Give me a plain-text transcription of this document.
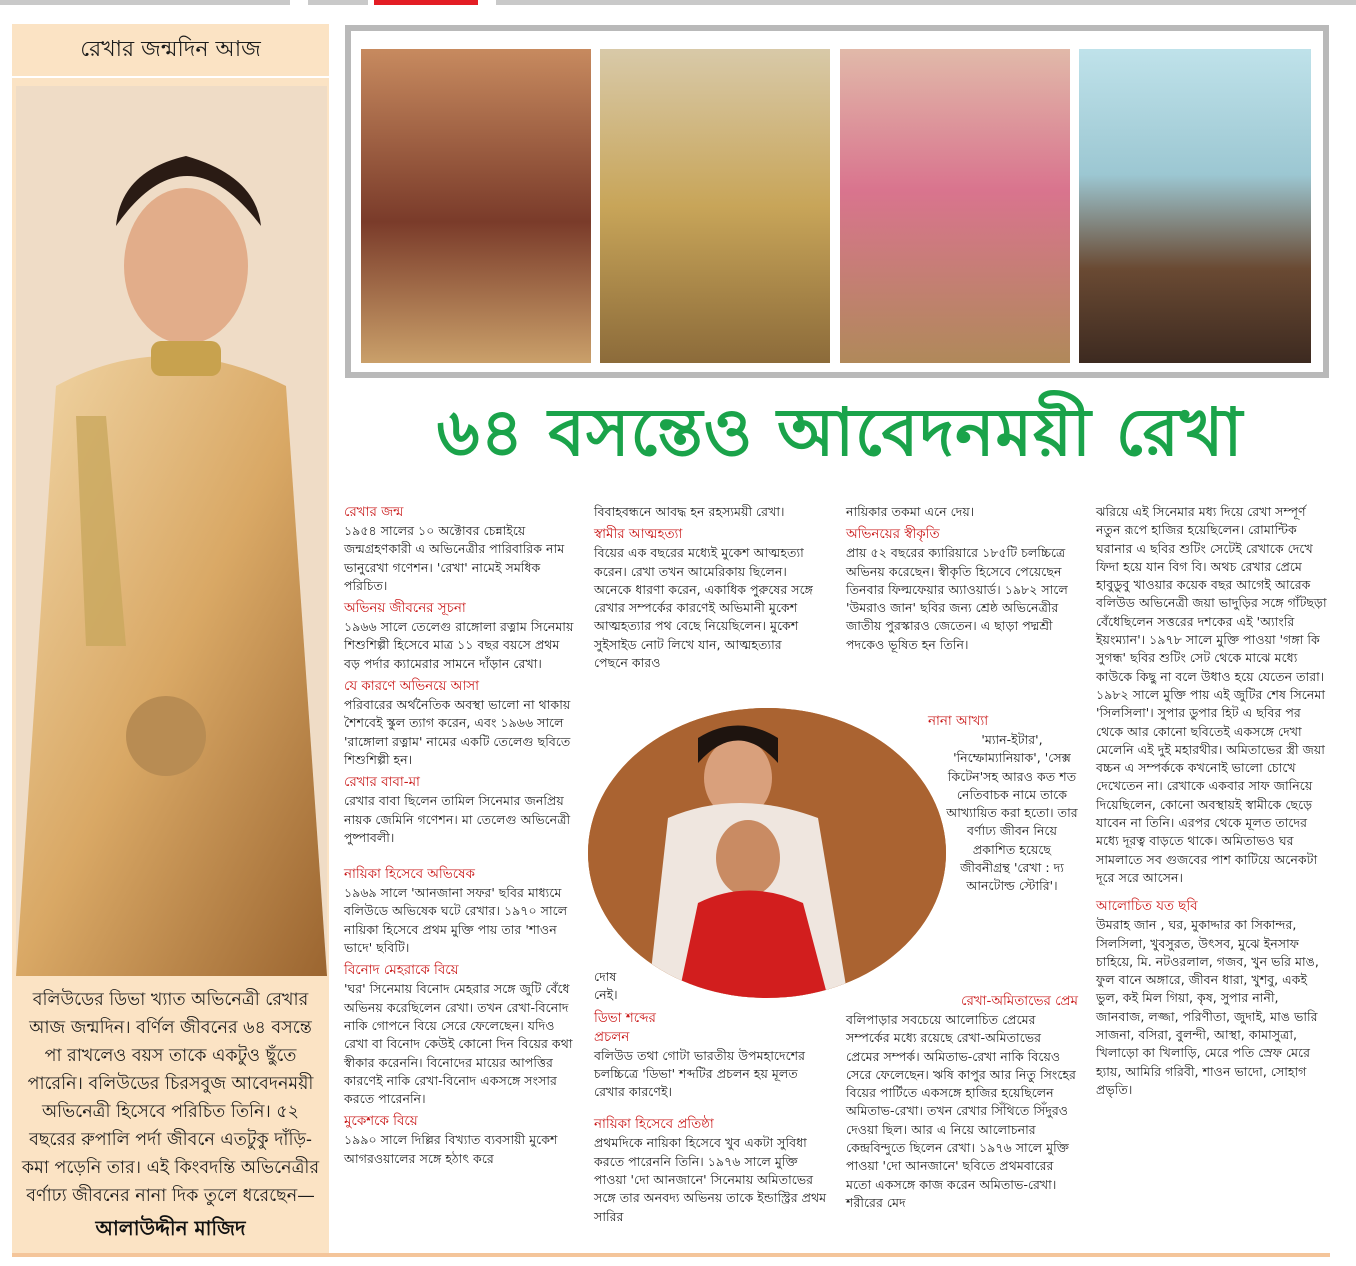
রেখার জন্মদিন আজ

বলিউডের ডিভা খ্যাত অভিনেত্রী রেখার আজ জন্মদিন। বর্ণিল জীবনের ৬৪ বসন্তে পা রাখলেও বয়স তাকে একটুও ছুঁতে পারেনি। বলিউডের চিরসবুজ আবেদনময়ী অভিনেত্রী হিসেবে পরিচিত তিনি। ৫২ বছরের রুপালি পর্দা জীবনে এতটুকু দাঁড়ি-কমা পড়েনি তার। এই কিংবদন্তি অভিনেত্রীর বর্ণাঢ্য জীবনের নানা দিক তুলে ধরেছেন—

আলাউদ্দীন মাজিদ
৬৪ বসন্তেও আবেদনময়ী রেখা
রেখার জন্ম

১৯৫৪ সালের ১০ অক্টোবর চেন্নাইয়ে জন্মগ্রহণকারী এ অভিনেত্রীর পারিবারিক নাম ভানুরেখা গণেশন। 'রেখা' নামেই সমধিক পরিচিত।

অভিনয় জীবনের সূচনা

১৯৬৬ সালে তেলেগু রাঙ্গোলা রত্নাম সিনেমায় শিশুশিল্পী হিসেবে মাত্র ১১ বছর বয়সে প্রথম বড় পর্দার ক্যামেরার সামনে দাঁড়ান রেখা।

যে কারণে অভিনয়ে আসা

পরিবারের অর্থনৈতিক অবস্থা ভালো না থাকায় শৈশবেই স্কুল ত্যাগ করেন, এবং ১৯৬৬ সালে 'রাঙ্গোলা রত্নাম' নামের একটি তেলেগু ছবিতে শিশুশিল্পী হন।

রেখার বাবা-মা

রেখার বাবা ছিলেন তামিল সিনেমার জনপ্রিয় নায়ক জেমিনি গণেশন। মা তেলেগু অভিনেত্রী পুষ্পাবলী।

নায়িকা হিসেবে অভিষেক

১৯৬৯ সালে 'আনজানা সফর' ছবির মাধ্যমে বলিউডে অভিষেক ঘটে রেখার। ১৯৭০ সালে নায়িকা হিসেবে প্রথম মুক্তি পায় তার 'শাওন ভাদে' ছবিটি।

বিনোদ মেহরাকে বিয়ে

'ঘর' সিনেমায় বিনোদ মেহরার সঙ্গে জুটি বেঁধে অভিনয় করেছিলেন রেখা। তখন রেখা-বিনোদ নাকি গোপনে বিয়ে সেরে ফেলেছেন। যদিও রেখা বা বিনোদ কেউই কোনো দিন বিয়ের কথা স্বীকার করেননি। বিনোদের মায়ের আপত্তির কারণেই নাকি রেখা-বিনোদ একসঙ্গে সংসার করতে পারেননি।

মুকেশকে বিয়ে

১৯৯০ সালে দিল্লির বিখ্যাত ব্যবসায়ী মুকেশ আগরওয়ালের সঙ্গে হঠাৎ করে

বিবাহবন্ধনে আবদ্ধ হন রহস্যময়ী রেখা।

স্বামীর আত্মহত্যা

বিয়ের এক বছরের মধ্যেই মুকেশ আত্মহত্যা করেন। রেখা তখন আমেরিকায় ছিলেন। অনেকে ধারণা করেন, একাধিক পুরুষের সঙ্গে রেখার সম্পর্কের কারণেই অভিমানী মুকেশ আত্মহত্যার পথ বেছে নিয়েছিলেন। মুকেশ সুইসাইড নোট লিখে যান, আত্মহত্যার পেছনে কারও

দোষ নেই।

ডিভা শব্দের প্রচলন

বলিউড তথা গোটা ভারতীয় উপমহাদেশের চলচ্চিত্রে 'ডিভা' শব্দটির প্রচলন হয় মূলত রেখার কারণেই।

নায়িকা হিসেবে প্রতিষ্ঠা

প্রথমদিকে নায়িকা হিসেবে খুব একটা সুবিধা করতে পারেননি তিনি। ১৯৭৬ সালে মুক্তি পাওয়া 'দো আনজানে' সিনেমায় অমিতাভের সঙ্গে তার অনবদ্য অভিনয় তাকে ইন্ডাস্ট্রির প্রথম সারির

নায়িকার তকমা এনে দেয়।

অভিনয়ের স্বীকৃতি

প্রায় ৫২ বছরের ক্যারিয়ারে ১৮৫টি চলচ্চিত্রে অভিনয় করেছেন। স্বীকৃতি হিসেবে পেয়েছেন তিনবার ফিল্মফেয়ার অ্যাওয়ার্ড। ১৯৮২ সালে 'উমরাও জান' ছবির জন্য শ্রেষ্ঠ অভিনেত্রীর জাতীয় পুরস্কারও জেতেন। এ ছাড়া পদ্মশ্রী পদকেও ভূষিত হন তিনি।

নানা আখ্যা

'ম্যান-ইটার', 'নিম্ফোম্যানিয়াক', 'সেক্স কিটেন'সহ আরও কত শত নেতিবাচক নামে তাকে আখ্যায়িত করা হতো। তার বর্ণাঢ্য জীবন নিয়ে প্রকাশিত হয়েছে জীবনীগ্রন্থ 'রেখা : দ্য আনটোল্ড স্টোরি'।

রেখা-অমিতাভের প্রেম

বলিপাড়ার সবচেয়ে আলোচিত প্রেমের সম্পর্কের মধ্যে রয়েছে রেখা-অমিতাভের প্রেমের সম্পর্ক। অমিতাভ-রেখা নাকি বিয়েও সেরে ফেলেছেন। ঋষি কাপুর আর নিতু সিংহের বিয়ের পার্টিতে একসঙ্গে হাজির হয়েছিলেন অমিতাভ-রেখা। তখন রেখার সিঁথিতে সিঁদুরও দেওয়া ছিল। আর এ নিয়ে আলোচনার কেন্দ্রবিন্দুতে ছিলেন রেখা। ১৯৭৬ সালে মুক্তি পাওয়া 'দো আনজানে' ছবিতে প্রথমবারের মতো একসঙ্গে কাজ করেন অমিতাভ-রেখা। শরীরের মেদ

ঝরিয়ে এই সিনেমার মধ্য দিয়ে রেখা সম্পূর্ণ নতুন রূপে হাজির হয়েছিলেন। রোমান্টিক ঘরানার এ ছবির শুটিং সেটেই রেখাকে দেখে ফিদা হয়ে যান বিগ বি। অথচ রেখার প্রেমে হাবুডুবু খাওয়ার কয়েক বছর আগেই আরেক বলিউড অভিনেত্রী জয়া ভাদুড়ির সঙ্গে গাঁটছড়া বেঁধেছিলেন সত্তরের দশকের এই 'অ্যাংরি ইয়ংম্যান'। ১৯৭৮ সালে মুক্তি পাওয়া 'গঙ্গা কি সুগন্ধ' ছবির শুটিং সেট থেকে মাঝে মধ্যে কাউকে কিছু না বলে উধাও হয়ে যেতেন তারা। ১৯৮২ সালে মুক্তি পায় এই জুটির শেষ সিনেমা 'সিলসিলা'। সুপার ডুপার হিট এ ছবির পর থেকে আর কোনো ছবিতেই একসঙ্গে দেখা মেলেনি এই দুই মহারথীর। অমিতাভের স্ত্রী জয়া বচ্চন এ সম্পর্ককে কখনোই ভালো চোখে দেখেতেন না। রেখাকে একবার সাফ জানিয়ে দিয়েছিলেন, কোনো অবস্থায়ই স্বামীকে ছেড়ে যাবেন না তিনি। এরপর থেকে মূলত তাদের মধ্যে দূরত্ব বাড়তে থাকে। অমিতাভও ঘর সামলাতে সব গুজবের পাশ কাটিয়ে অনেকটা দূরে সরে আসেন।

আলোচিত যত ছবি

উমরাহ জান , ঘর, মুকাদ্দার কা সিকান্দর, সিলসিলা, খুবসুরত, উৎসব, মুঝে ইনসাফ চাহিয়ে, মি. নটওরলাল, গজব, খুন ভরি মাঙ, ফুল বানে অঙ্গারে, জীবন ধারা, খুশবু, একই ভুল, কই মিল গিয়া, কৃষ, সুপার নানী, জানবাজ, লজ্জা, পরিণীতা, জুদাই, মাঙ ভারি সাজনা, বসিরা, বুলন্দী, আস্থা, কামাসুত্রা, খিলাড়ো কা খিলাড়ি, মেরে পতি স্রেফ মেরে হ্যায়, আমিরি গরিবী, শাওন ভাদো, সোহাগ প্রভৃতি।
